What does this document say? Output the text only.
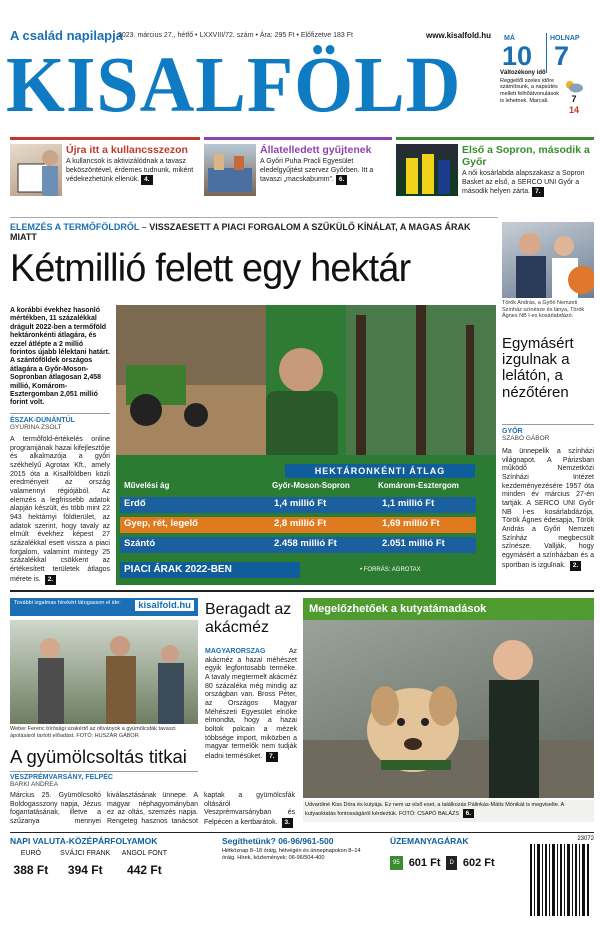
A család napilapja
2023. március 27., hétfő • LXXVIII/72. szám • Ára: 295 Ft • Előfizetve 183 Ft	www.kisalfold.hu
KISALFÖLD
MÁ
10
HOLNAP
7
Változékony idő
Reggeltől szeles időre számítsunk, a napsütés mellett felhőátvonulások is lehetnek. Marcali.	7
14
Újra itt a kullancsszezon
A kullancsok is aktivizálódnak a tavasz beköszöntével, érdemes tudnunk, miként védekezhetünk ellenük. 4.
Állatelledett gyűjtenek
A Győri Puha Pracli Egyesület eledelgyűjtést szervez Győrben. Itt a tavaszi „macskabumm”. 6.
Első a Sopron, második a Győr
A női kosárlabda alapszakasz a Sopron Basket az első, a SERCO UNI Győr a második helyen zárta. 7.
ELEMZÉS A TERMŐFÖLDRŐL – VISSZAESETT A PIACI FORGALOM A SZŰKÜLŐ KÍNÁLAT, A MAGAS ÁRAK MIATT
Kétmillió felett egy hektár
A korábbi évekhez hasonló mértékben, 11 százalékkal drágult 2022-ben a termőföld hektáronkénti átlagára, és ezzel átlépte a 2 millió forintos újabb lélektani határt. A szántóföldek országos átlagára a Győr-Moson-Sopronban átlagosan 2,458 millió, Komárom-Esztergomban 2,051 millió forint volt.
ÉSZAK-DUNÁNTÚL
GYURINA ZSOLT
A termőföld-értékelés online programjának hazai kifejlesztője és alkalmazója a győri székhelyű Agrotax Kft., amely 2015 óta a Kisalföldben közli eredményeit az ország valamennyi régiójából. Az elemzés a legfrissebb adatok alapján készült, és több mint 22 943 hektárnyi földterület, az adatok szerint, hogy tavaly az elmúlt évekhez képest 27 százalékkal esett vissza a piaci forgalom, valamint mintegy 25 százalékkal csökkent az értékesített területek átlagos mérete is. 2.
HEKTÁRONKÉNTI ÁTLAG
Művelési ág	Győr-Moson-Sopron	Komárom-Esztergom
Erdő	1,4 millió Ft	1,1 millió Ft
Gyep, rét, legelő	2,8 millió Ft	1,69 millió Ft
Szántó	2.458 millió Ft	2.051 millió Ft
PIACI ÁRAK 2022-BEN	• FORRÁS: AGROTAX
Török András, a Győri Nemzeti Színház színésze és lánya, Török Ágnes NB I-es kosárlabdázó.
Egymásért izgulnak a lelátón, a nézőtéren
GYŐR
SZABÓ GÁBOR
Ma ünnepelik a színházi világnapot. A Párizsban működő Nemzetközi Színházi Intézet kezdeményezésére 1957 óta minden év március 27-én tartják. A SERCO UNI Győr NB I-es kosárlabdázója, Török Ágnes édesapja, Török András a Győri Nemzeti Színház megbecsült színésze. Vallják, hogy egymásért a színházban és a sportban is izgulnak. 2.
További izgalmas hírekért látogasson el ide:	kisalfold.hu
Weber Ferenc bírósági szakértő az oltványok a gyümölcsfák tavaszi ápolásáról tartott előadást. FOTÓ: HUSZÁR GÁBOR
A gyümölcsoltás titkai
VESZPRÉMVARSÁNY, FELPÉC
BARKI ANDREA
Március 25. Gyümölcsoltó Boldogasszony napja, Jézus fogantatásának, illetve a szűzanya mennyei kiválasztásának ünnepe. A magyar néphagyományban ez az oltás, szemzés napja. Rengeteg hasznos tanácsot kaptak a gyümölcsfák oltásáról Veszprémvarsányban és Felpécen a kertbarátok. 3.
Beragadt az akácméz
MAGYARORSZÁG	Az akácméz a hazai méhészet egyik legfontosabb terméke. A tavaly megtermelt akácméz 80 százaléka még mindig az országban van. Bross Péter, az Országos Magyar Méhészeti Egyesület elnöke elmondta, hogy a hazai boltok polcain a mézek többsége import, miközben a magyar termelők nem tudják eladni termésüket. 7.
Megelőzhetőek a kutyatámadások
Udvardiné Kiss Dóra és kutyája. Ez nem az első eset, a találkozás Pálinkás-Mátis Mónikát is megviselte. A kutyaoktatás fontosságáról kérdeztük. FOTÓ: CSAPÓ BALÁZS 6.
NAPI VALUTA-KÖZÉPÁRFOLYAMOK
EURÓ
388 Ft
SVÁJCI FRANK
394 Ft
ANGOL FONT
442 Ft
Segíthetünk? 06-96/961-500
Hétköznap 8–18 óráig, hétvégén és ünnepnapokon 8–14 óráig. Hírek, közlemények: 06-96/504-400
ÜZEMANYAGÁRAK
95 601 Ft	D 602 Ft
23072
